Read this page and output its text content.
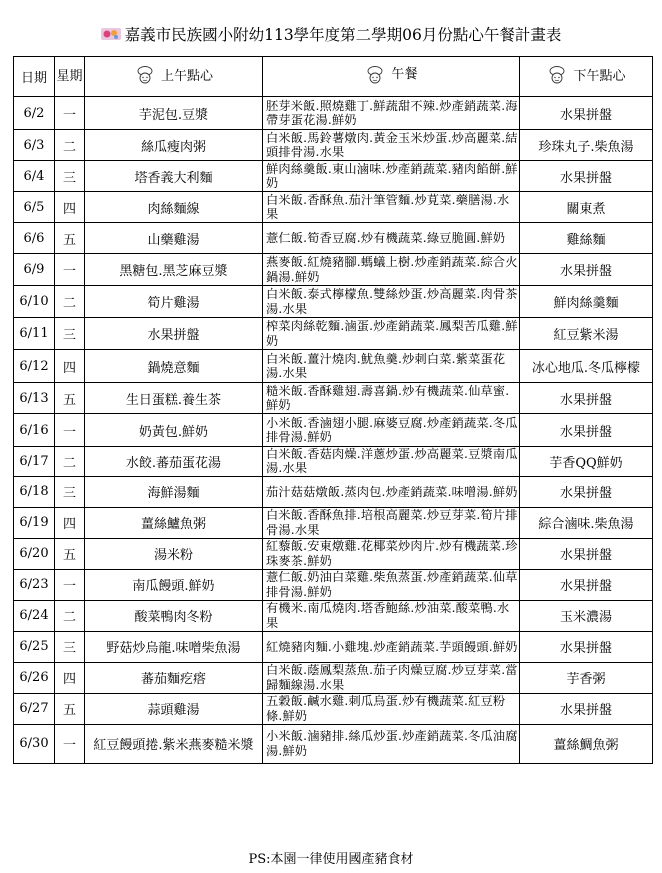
嘉義市民族國小附幼113學年度第二學期06月份點心午餐計畫表
日期	星期	上午點心	午餐	下午點心

6/2	一	芋泥包.豆漿	胚芽米飯.照燒雞丁.鮮蔬甜不辣.炒產銷蔬菜.海帶芽蛋花湯.鮮奶	水果拼盤
6/3	二	絲瓜瘦肉粥	白米飯.馬鈴薯燉肉.黃金玉米炒蛋.炒高麗菜.結頭排骨湯.水果	珍珠丸子.柴魚湯
6/4	三	塔香義大利麵	鮮肉絲羹飯.東山滷味.炒產銷蔬菜.豬肉餡餅.鮮奶	水果拼盤
6/5	四	肉絲麵線	白米飯.香酥魚.茄汁筆管麵.炒莧菜.藥膳湯.水果	關東煮
6/6	五	山藥雞湯	薏仁飯.筍香豆腐.炒有機蔬菜.綠豆脆圓.鮮奶	雞絲麵
6/9	一	黑糖包.黑芝麻豆漿	燕麥飯.紅燒豬腳.螞蟻上樹.炒產銷蔬菜.綜合火鍋湯.鮮奶	水果拼盤
6/10	二	筍片雞湯	白米飯.泰式檸檬魚.雙絲炒蛋.炒高麗菜.肉骨茶湯.水果	鮮肉絲羹麵
6/11	三	水果拼盤	榨菜肉絲乾麵.滷蛋.炒產銷蔬菜.鳳梨苦瓜雞.鮮奶	紅豆紫米湯
6/12	四	鍋燒意麵	白米飯.薑汁燒肉.魷魚羹.炒刺白菜.紫菜蛋花湯.水果	冰心地瓜.冬瓜檸檬
6/13	五	生日蛋糕.養生茶	糙米飯.香酥雞翅.壽喜鍋.炒有機蔬菜.仙草蜜.鮮奶	水果拼盤
6/16	一	奶黃包.鮮奶	小米飯.香滷翅小腿.麻婆豆腐.炒產銷蔬菜.冬瓜排骨湯.鮮奶	水果拼盤
6/17	二	水餃.蕃茄蛋花湯	白米飯.香菇肉燥.洋蔥炒蛋.炒高麗菜.豆漿南瓜湯.水果	芋香QQ鮮奶
6/18	三	海鮮湯麵	茄汁菇菇燉飯.蒸肉包.炒產銷蔬菜.味噌湯.鮮奶	水果拼盤
6/19	四	薑絲鱸魚粥	白米飯.香酥魚排.培根高麗菜.炒豆芽菜.筍片排骨湯.水果	綜合滷味.柴魚湯
6/20	五	湯米粉	紅藜飯.安東燉雞.花椰菜炒肉片.炒有機蔬菜.珍珠麥茶.鮮奶	水果拼盤
6/23	一	南瓜饅頭.鮮奶	薏仁飯.奶油白菜雞.柴魚蒸蛋.炒產銷蔬菜.仙草排骨湯.鮮奶	水果拼盤
6/24	二	酸菜鴨肉冬粉	有機米.南瓜燒肉.塔香鮑絲.炒油菜.酸菜鴨.水果	玉米濃湯
6/25	三	野菇炒烏龍.味噌柴魚湯	紅燒豬肉麵.小雞塊.炒產銷蔬菜.芋頭饅頭.鮮奶	水果拼盤
6/26	四	蕃茄麵疙瘩	白米飯.蔭鳳梨蒸魚.茄子肉燥豆腐.炒豆芽菜.當歸麵線湯.水果	芋香粥
6/27	五	蒜頭雞湯	五穀飯.鹹水雞.刺瓜烏蛋.炒有機蔬菜.紅豆粉條.鮮奶	水果拼盤
6/30	一	紅豆饅頭捲.紫米燕麥糙米漿	小米飯.滷豬排.絲瓜炒蛋.炒產銷蔬菜.冬瓜油腐湯.鮮奶	薑絲鯛魚粥
PS:本園一律使用國產豬食材
